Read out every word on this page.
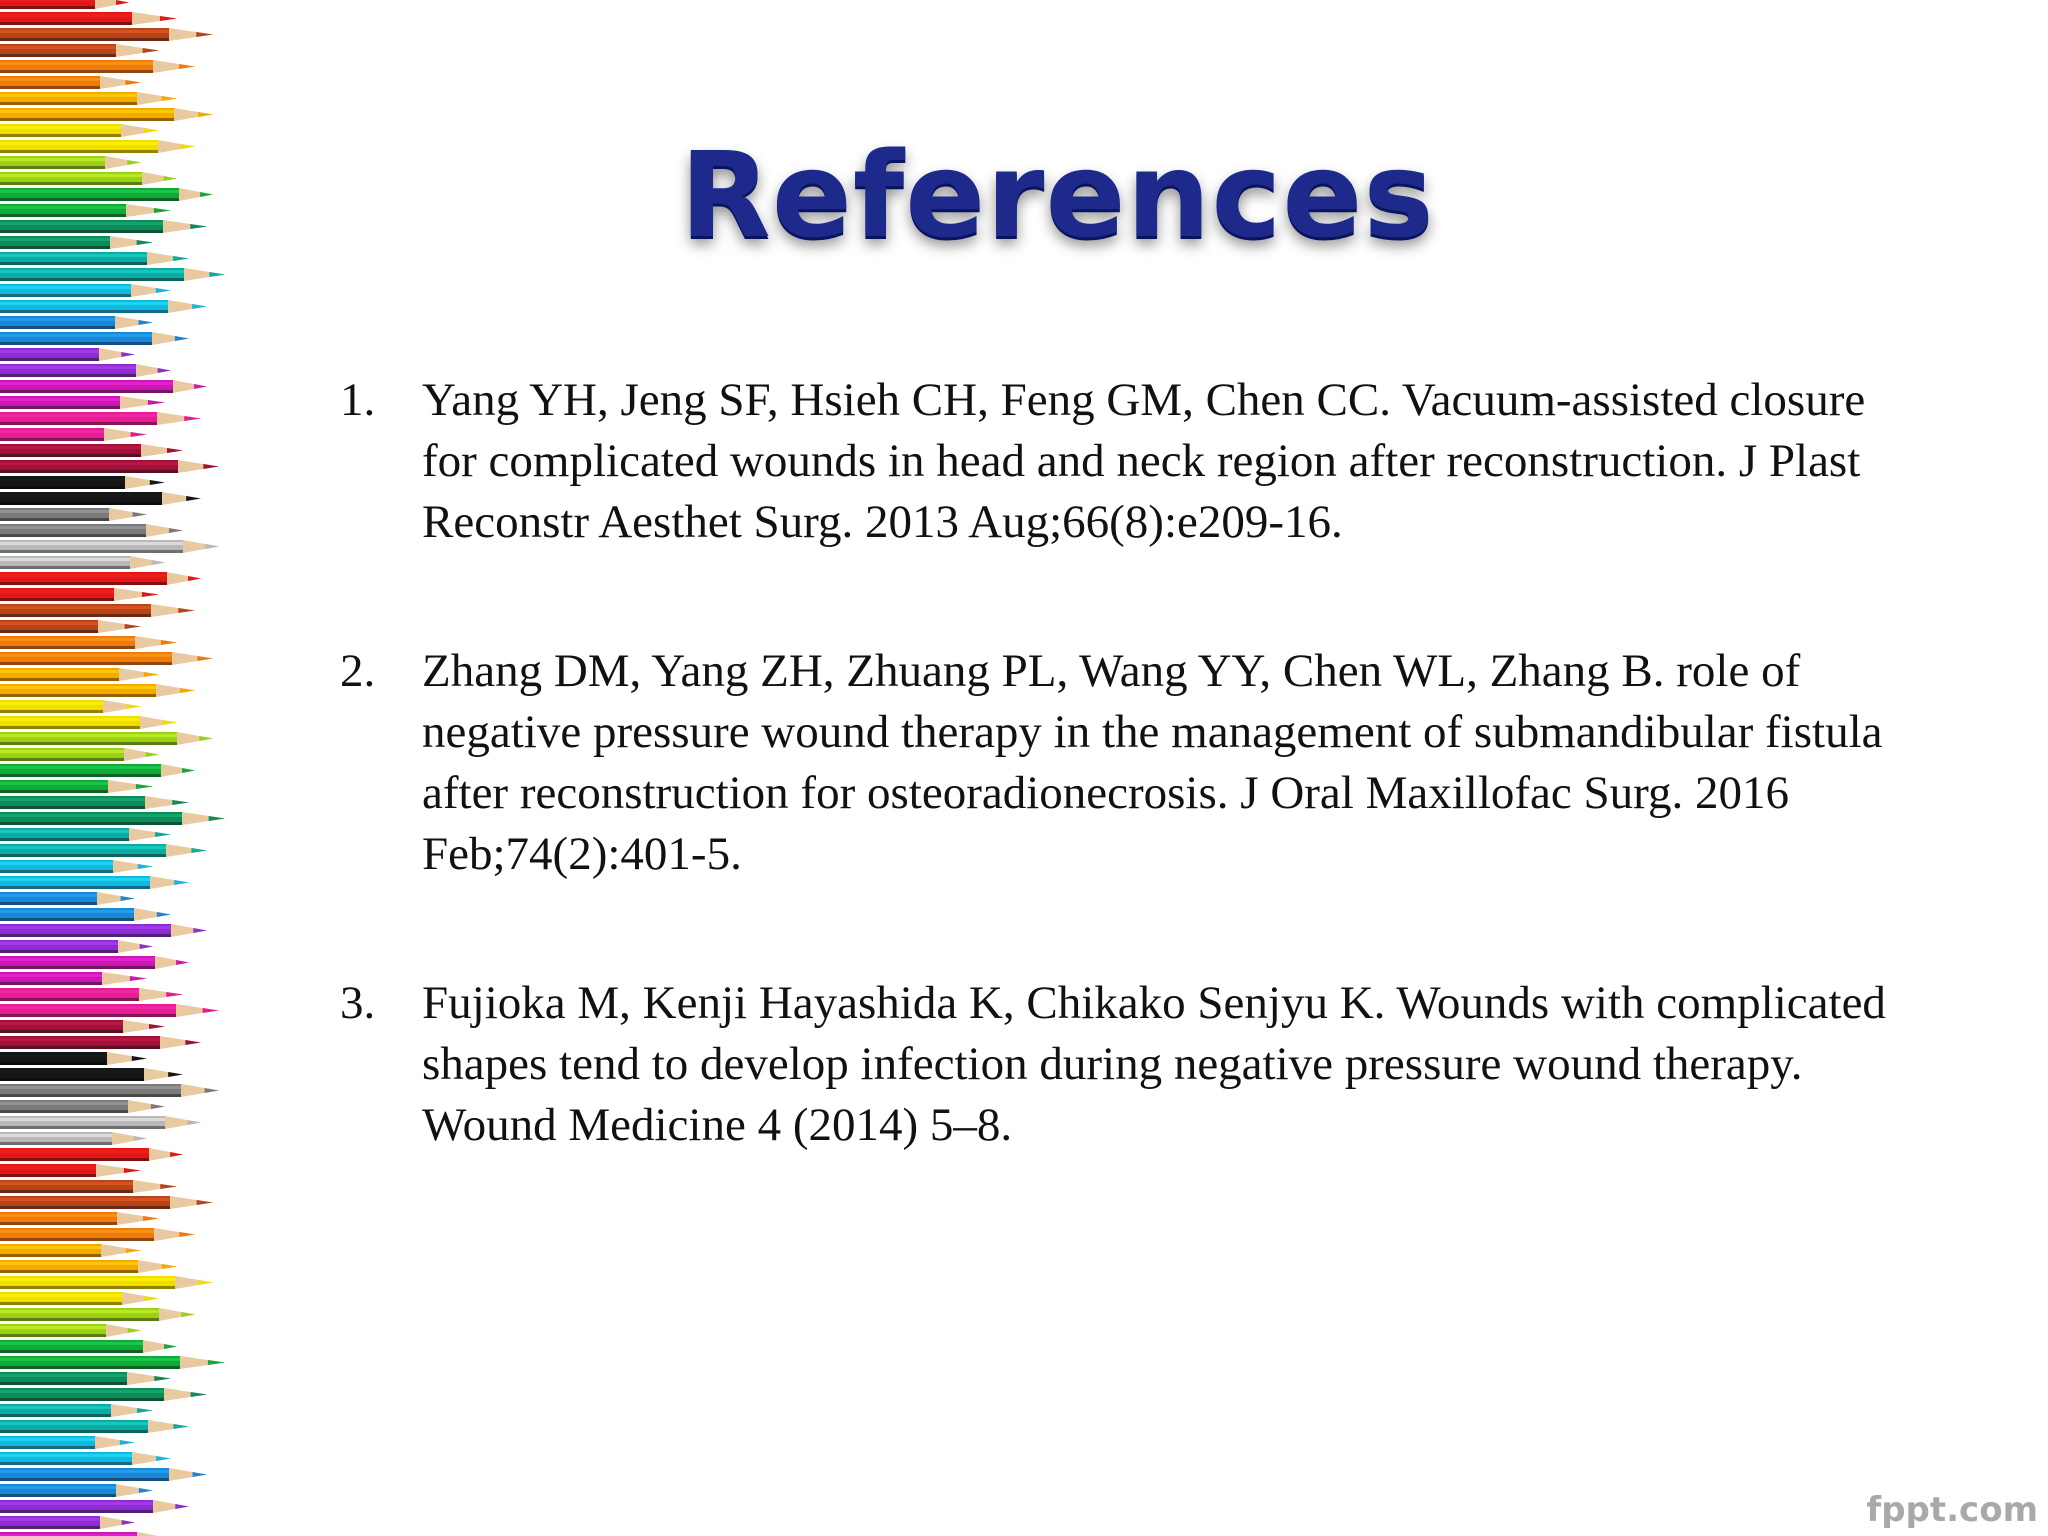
References
1. Yang YH, Jeng SF, Hsieh CH, Feng GM, Chen CC. Vacuum-assisted closure for complicated wounds in head and neck region after reconstruction. J Plast Reconstr Aesthet Surg. 2013 Aug;66(8):e209-16.
2. Zhang DM, Yang ZH, Zhuang PL, Wang YY, Chen WL, Zhang B. role of negative pressure wound therapy in the management of submandibular fistula after reconstruction for osteoradionecrosis. J Oral Maxillofac Surg. 2016 Feb;74(2):401-5.
3. Fujioka M, Kenji Hayashida K, Chikako Senjyu K. Wounds with complicated shapes tend to develop infection during negative pressure wound therapy. Wound Medicine 4 (2014) 5–8.
fppt.com
